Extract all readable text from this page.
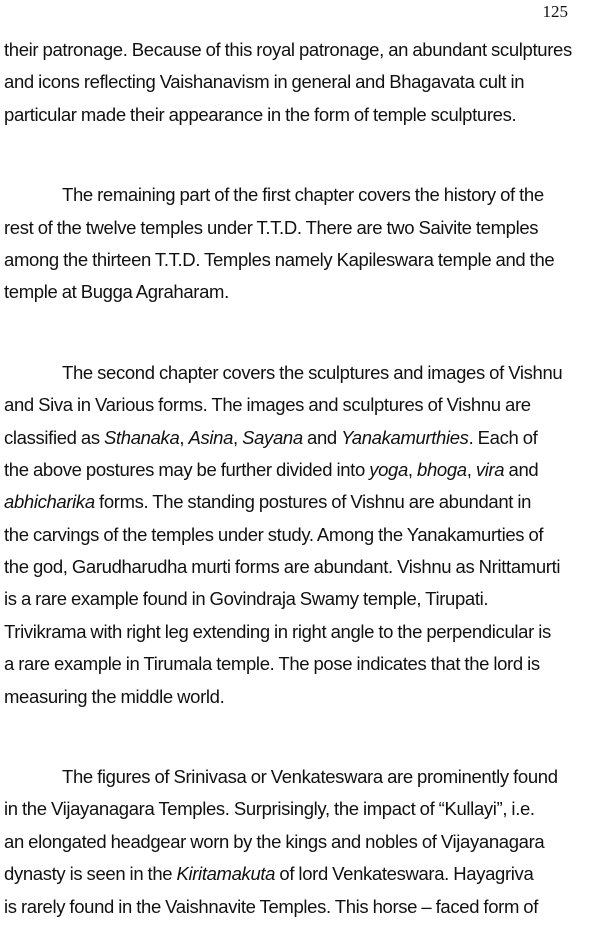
125
their patronage. Because of this royal patronage, an abundant sculptures
and icons reflecting Vaishanavism in general and Bhagavata cult in
particular made their appearance in the form of temple sculptures.
The remaining part of the first chapter covers the history of the
rest of the twelve temples under T.T.D. There are two Saivite temples
among the thirteen T.T.D. Temples namely Kapileswara temple and the
temple at Bugga Agraharam.
The second chapter covers the sculptures and images of Vishnu
and Siva in Various forms. The images and sculptures of Vishnu are
classified as Sthanaka, Asina, Sayana and Yanakamurthies. Each of
the above postures may be further divided into yoga, bhoga, vira and
abhicharika forms. The standing postures of Vishnu are abundant in
the carvings of the temples under study. Among the Yanakamurties of
the god, Garudharudha murti forms are abundant. Vishnu as Nrittamurti
is a rare example found in Govindraja Swamy temple, Tirupati.
Trivikrama with right leg extending in right angle to the perpendicular is
a rare example in Tirumala temple. The pose indicates that the lord is
measuring the middle world.
The figures of Srinivasa or Venkateswara are prominently found
in the Vijayanagara Temples. Surprisingly, the impact of “Kullayi”, i.e.
an elongated headgear worn by the kings and nobles of Vijayanagara
dynasty is seen in the Kiritamakuta of lord Venkateswara. Hayagriva
is rarely found in the Vaishnavite Temples. This horse – faced form of
